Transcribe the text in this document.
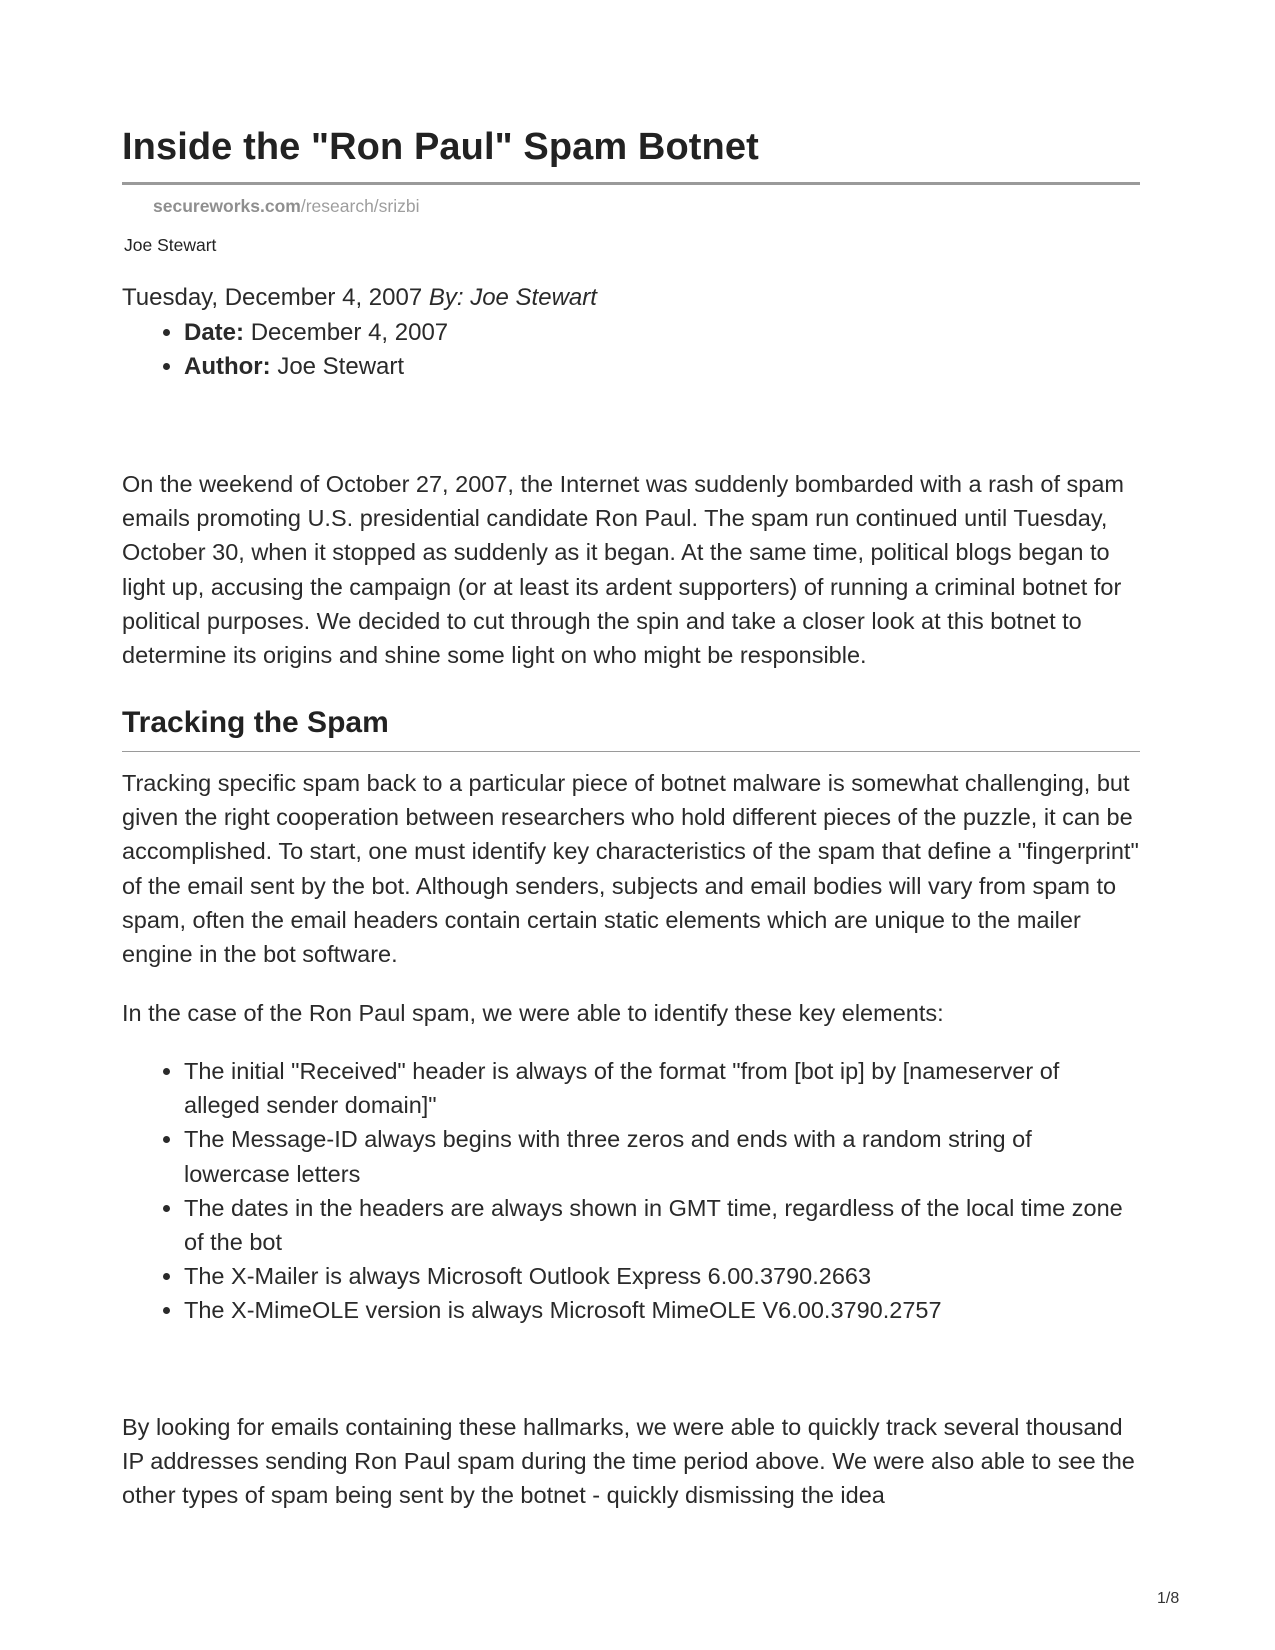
Inside the "Ron Paul" Spam Botnet
secureworks.com/research/srizbi
Joe Stewart
Tuesday, December 4, 2007 By: Joe Stewart
• Date: December 4, 2007
• Author: Joe Stewart

On the weekend of October 27, 2007, the Internet was suddenly bombarded with a rash of spam emails promoting U.S. presidential candidate Ron Paul. The spam run continued until Tuesday, October 30, when it stopped as suddenly as it began. At the same time, political blogs began to light up, accusing the campaign (or at least its ardent supporters) of running a criminal botnet for political purposes. We decided to cut through the spin and take a closer look at this botnet to determine its origins and shine some light on who might be responsible.

Tracking the Spam

Tracking specific spam back to a particular piece of botnet malware is somewhat challenging, but given the right cooperation between researchers who hold different pieces of the puzzle, it can be accomplished. To start, one must identify key characteristics of the spam that define a "fingerprint" of the email sent by the bot. Although senders, subjects and email bodies will vary from spam to spam, often the email headers contain certain static elements which are unique to the mailer engine in the bot software.

In the case of the Ron Paul spam, we were able to identify these key elements:

• The initial "Received" header is always of the format "from [bot ip] by [nameserver of alleged sender domain]"
• The Message-ID always begins with three zeros and ends with a random string of lowercase letters
• The dates in the headers are always shown in GMT time, regardless of the local time zone of the bot
• The X-Mailer is always Microsoft Outlook Express 6.00.3790.2663
• The X-MimeOLE version is always Microsoft MimeOLE V6.00.3790.2757

By looking for emails containing these hallmarks, we were able to quickly track several thousand IP addresses sending Ron Paul spam during the time period above. We were also able to see the other types of spam being sent by the botnet - quickly dismissing the idea

1/8
